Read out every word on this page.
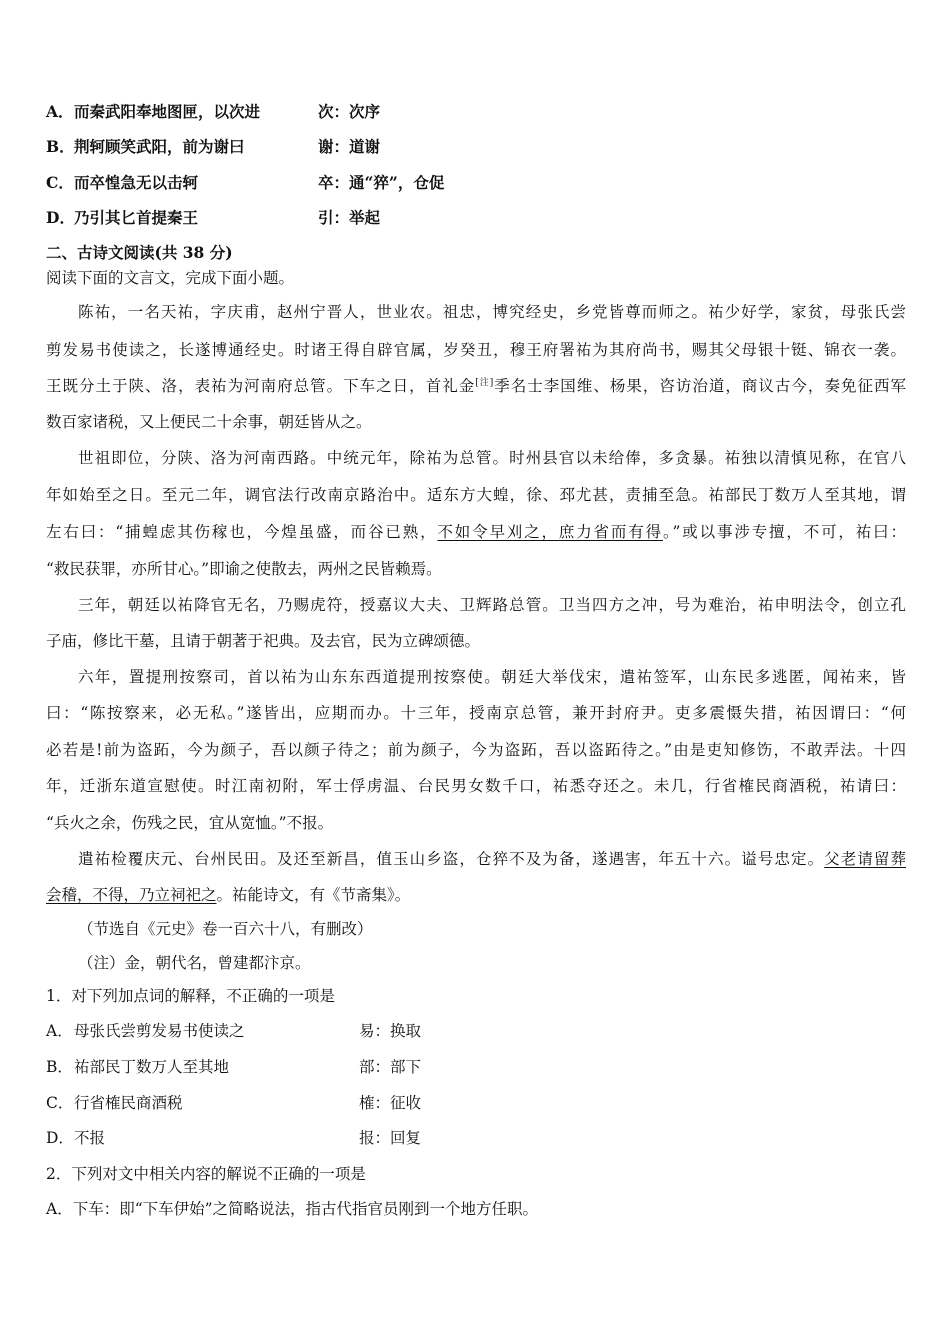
A．而秦武阳奉地图匣，以次进	次：次序
B．荆轲顾笑武阳，前为谢曰	谢：道谢
C．而卒惶急无以击轲	卒：通“猝”，仓促
D．乃引其匕首提秦王	引：举起
二、古诗文阅读(共 38 分)
阅读下面的文言文，完成下面小题。
陈祐，一名天祐，字庆甫，赵州宁晋人，世业农。祖忠，博究经史，乡党皆尊而师之。祐少好学，家贫，母张氏尝
剪发易书使读之，长遂博通经史。时诸王得自辟官属，岁癸丑，穆王府署祐为其府尚书，赐其父母银十铤、锦衣一袭。
王既分土于陕、洛，表祐为河南府总管。下车之日，首礼金[注]季名士李国维、杨果，咨访治道，商议古今，奏免征西军
数百家诸税，又上便民二十余事，朝廷皆从之。
世祖即位，分陕、洛为河南西路。中统元年，除祐为总管。时州县官以未给俸，多贪暴。祐独以清慎见称，在官八
年如始至之日。至元二年，调官法行改南京路治中。适东方大蝗，徐、邳尤甚，责捕至急。祐部民丁数万人至其地，谓
左右曰：“捕蝗虑其伤稼也，今煌虽盛，而谷已熟，不如令早刈之，庶力省而有得。”或以事涉专擅，不可，祐曰：
“救民获罪，亦所甘心。”即谕之使散去，两州之民皆赖焉。
三年，朝廷以祐降官无名，乃赐虎符，授嘉议大夫、卫辉路总管。卫当四方之冲，号为难治，祐申明法令，创立孔
子庙，修比干墓，且请于朝著于祀典。及去官，民为立碑颂德。
六年，置提刑按察司，首以祐为山东东西道提刑按察使。朝廷大举伐宋，遣祐签军，山东民多逃匿，闻祐来，皆
曰：“陈按察来，必无私。”遂皆出，应期而办。十三年，授南京总管，兼开封府尹。吏多震慑失措，祐因谓曰：“何
必若是!前为盗跖，今为颜子，吾以颜子待之；前为颜子，今为盗跖，吾以盗跖待之。”由是吏知修饬，不敢弄法。十四
年，迁浙东道宣慰使。时江南初附，军士俘虏温、台民男女数千口，祐悉夺还之。未几，行省榷民商酒税，祐请曰：
“兵火之余，伤残之民，宜从宽恤。”不报。
遣祐检覆庆元、台州民田。及还至新昌，值玉山乡盗，仓猝不及为备，遂遇害，年五十六。谥号忠定。父老请留葬
会稽，不得，乃立祠祀之。祐能诗文，有《节斋集》。
（节选自《元史》卷一百六十八，有删改）
（注）金，朝代名，曾建都汴京。
1．对下列加点词的解释，不正确的一项是
A．母张氏尝剪发易书使读之	易：换取
B．祐部民丁数万人至其地	部：部下
C．行省榷民商酒税	榷：征收
D．不报	报：回复
2．下列对文中相关内容的解说不正确的一项是
A．下车：即“下车伊始”之简略说法，指古代指官员刚到一个地方任职。
